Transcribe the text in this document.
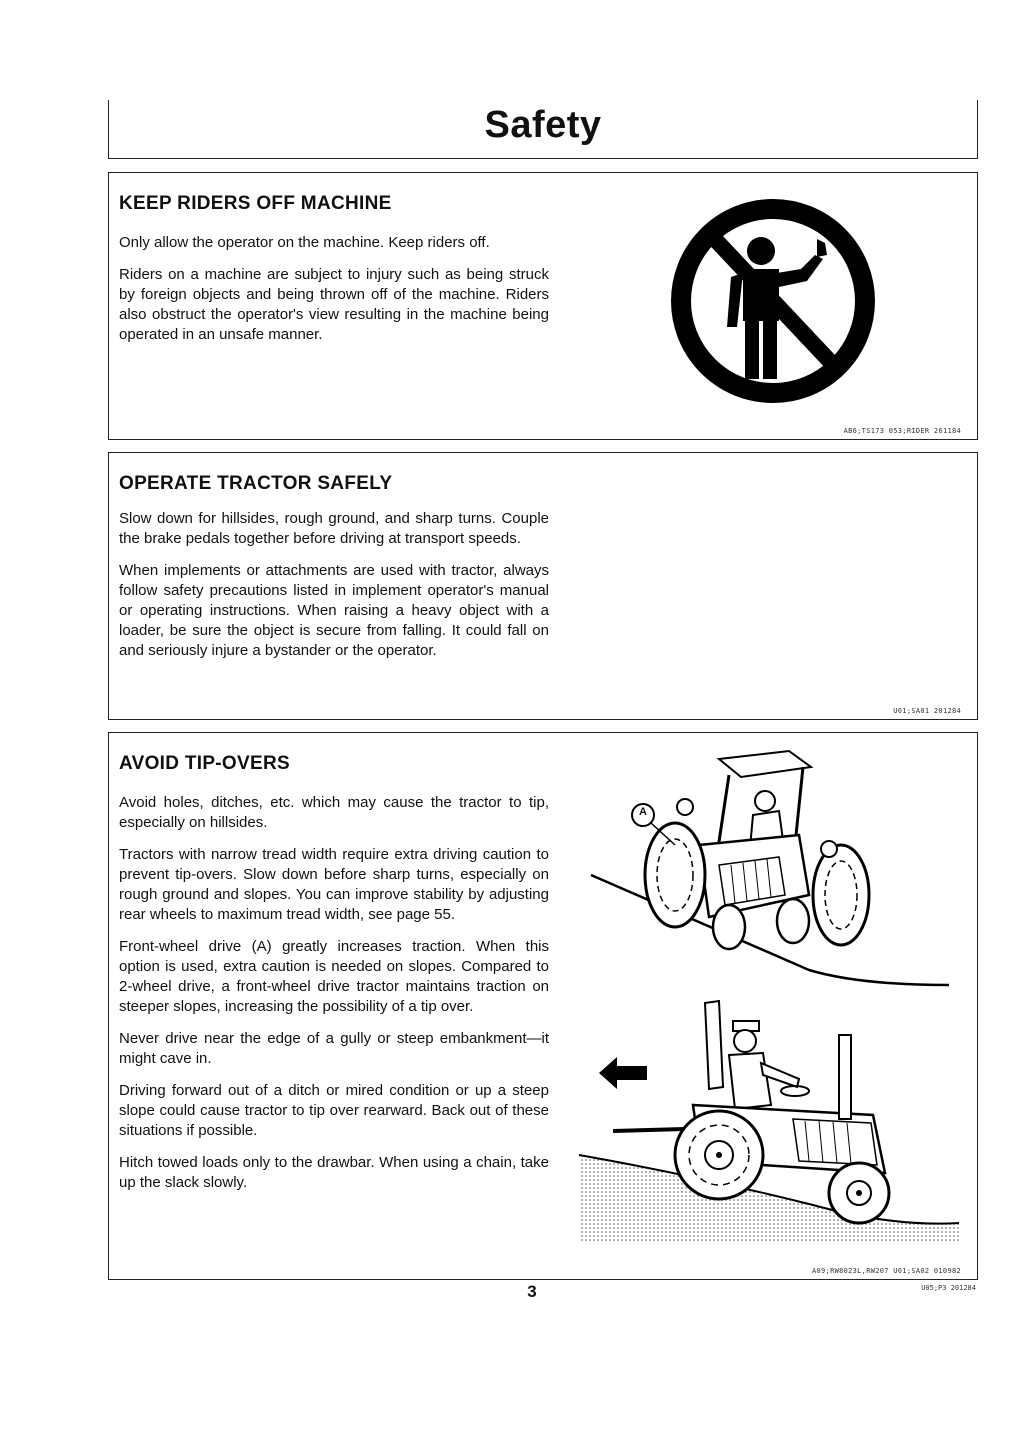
Safety
KEEP RIDERS OFF MACHINE

Only allow the operator on the machine. Keep riders off.

Riders on a machine are subject to injury such as being struck by foreign objects and being thrown off of the machine. Riders also obstruct the operator's view resulting in the machine being operated in an unsafe manner.

AB6;TS173 053;RIDER 261184
OPERATE TRACTOR SAFELY

Slow down for hillsides, rough ground, and sharp turns. Couple the brake pedals together before driving at transport speeds.

When implements or attachments are used with tractor, always follow safety precautions listed in implement operator's manual or operating instructions. When raising a heavy object with a loader, be sure the object is secure from falling. It could fall on and seriously injure a bystander or the operator.

U01;SA01 201284
AVOID TIP-OVERS

Avoid holes, ditches, etc. which may cause the tractor to tip, especially on hillsides.

Tractors with narrow tread width require extra driving caution to prevent tip-overs. Slow down before sharp turns, especially on rough ground and slopes. You can improve stability by adjusting rear wheels to maximum tread width, see page 55.

Front-wheel drive (A) greatly increases traction. When this option is used, extra caution is needed on slopes. Compared to 2-wheel drive, a front-wheel drive tractor maintains traction on steeper slopes, increasing the possibility of a tip over.

Never drive near the edge of a gully or steep embankment—it might cave in.

Driving forward out of a ditch or mired condition or up a steep slope could cause tractor to tip over rearward. Back out of these situations if possible.

Hitch towed loads only to the drawbar. When using a chain, take up the slack slowly.

A
A09;RW8023L,RW207 U01;SA02 010982
3	U05;P3 201284
